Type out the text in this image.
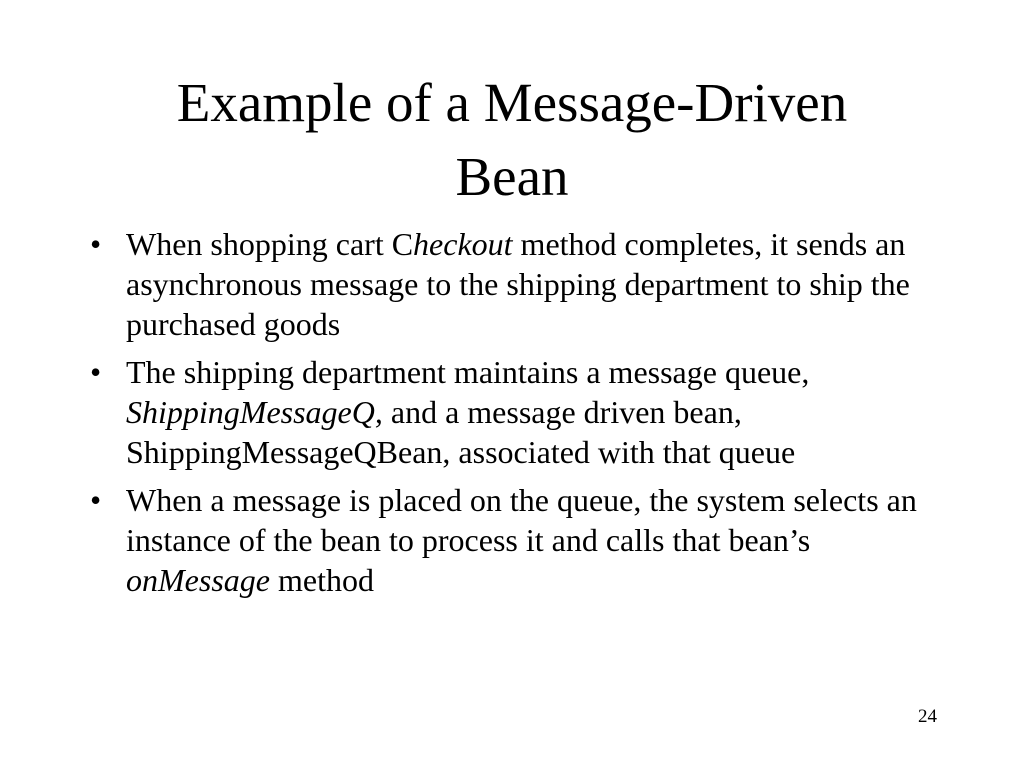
Example of a Message-Driven
Bean
• When shopping cart Checkout method completes, it sends an asynchronous message to the shipping department to ship the purchased goods
• The shipping department maintains a message queue, ShippingMessageQ, and a message driven bean, ShippingMessageQBean, associated with that queue
• When a message is placed on the queue, the system selects an instance of the bean to process it and calls that bean’s onMessage method
24
